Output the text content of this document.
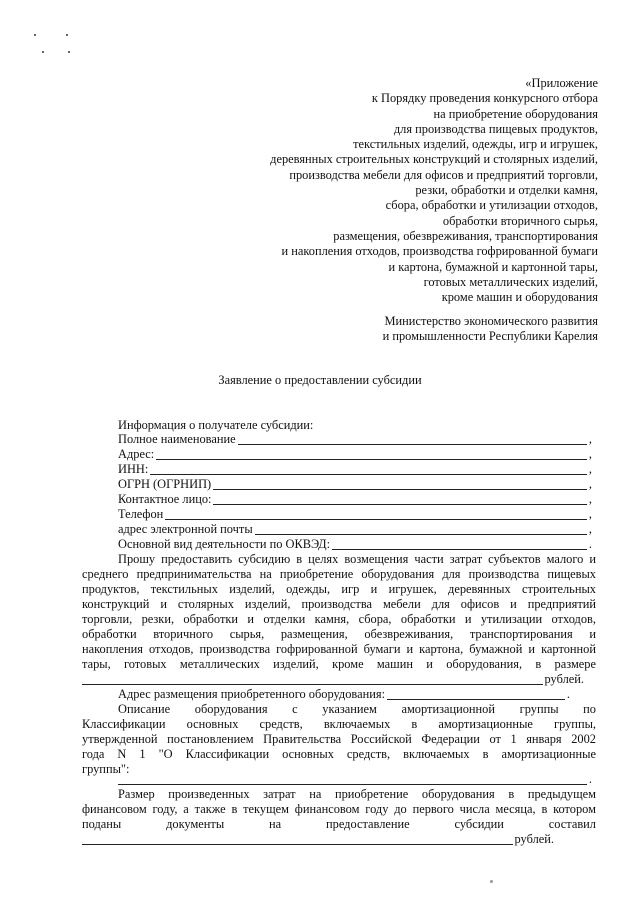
«Приложение
к Порядку проведения конкурсного отбора
на приобретение оборудования
для производства пищевых продуктов,
текстильных изделий, одежды, игр и игрушек,
деревянных строительных конструкций и столярных изделий,
производства мебели для офисов и предприятий торговли,
резки, обработки и отделки камня,
сбора, обработки и утилизации отходов,
обработки вторичного сырья,
размещения, обезвреживания, транспортирования
и накопления отходов, производства гофрированной бумаги
и картона, бумажной и картонной тары,
готовых металлических изделий,
кроме машин и оборудования
Министерство экономического развития
и промышленности Республики Карелия
Заявление о предоставлении субсидии
Информация о получателе субсидии:
Полное наименование	,
Адрес:	,
ИНН:	,
ОГРН (ОГРНИП)	,
Контактное лицо:	,
Телефон	,
адрес электронной почты	,
Основной вид деятельности по ОКВЭД:	.
Прошу предоставить субсидию в целях возмещения части затрат субъектов малого и
среднего предпринимательства на приобретение оборудования для производства пищевых
продуктов, текстильных изделий, одежды, игр и игрушек, деревянных строительных
конструкций и столярных изделий, производства мебели для офисов и предприятий
торговли, резки, обработки и отделки камня, сбора, обработки и утилизации отходов,
обработки вторичного сырья, размещения, обезвреживания, транспортирования и
накопления отходов, производства гофрированной бумаги и картона, бумажной и картонной
тары, готовых металлических изделий, кроме машин и оборудования, в размере
рублей.
Адрес размещения приобретенного оборудования:	.
Описание оборудования с указанием амортизационной группы по
Классификации основных средств, включаемых в амортизационные группы,
утвержденной постановлением Правительства Российской Федерации от 1 января 2002
года N 1 "О Классификации основных средств, включаемых в амортизационные
группы":
.
Размер произведенных затрат на приобретение оборудования в предыдущем
финансовом году, а также в текущем финансовом году до первого числа месяца, в котором
поданы документы на предоставление субсидии составил
рублей.
